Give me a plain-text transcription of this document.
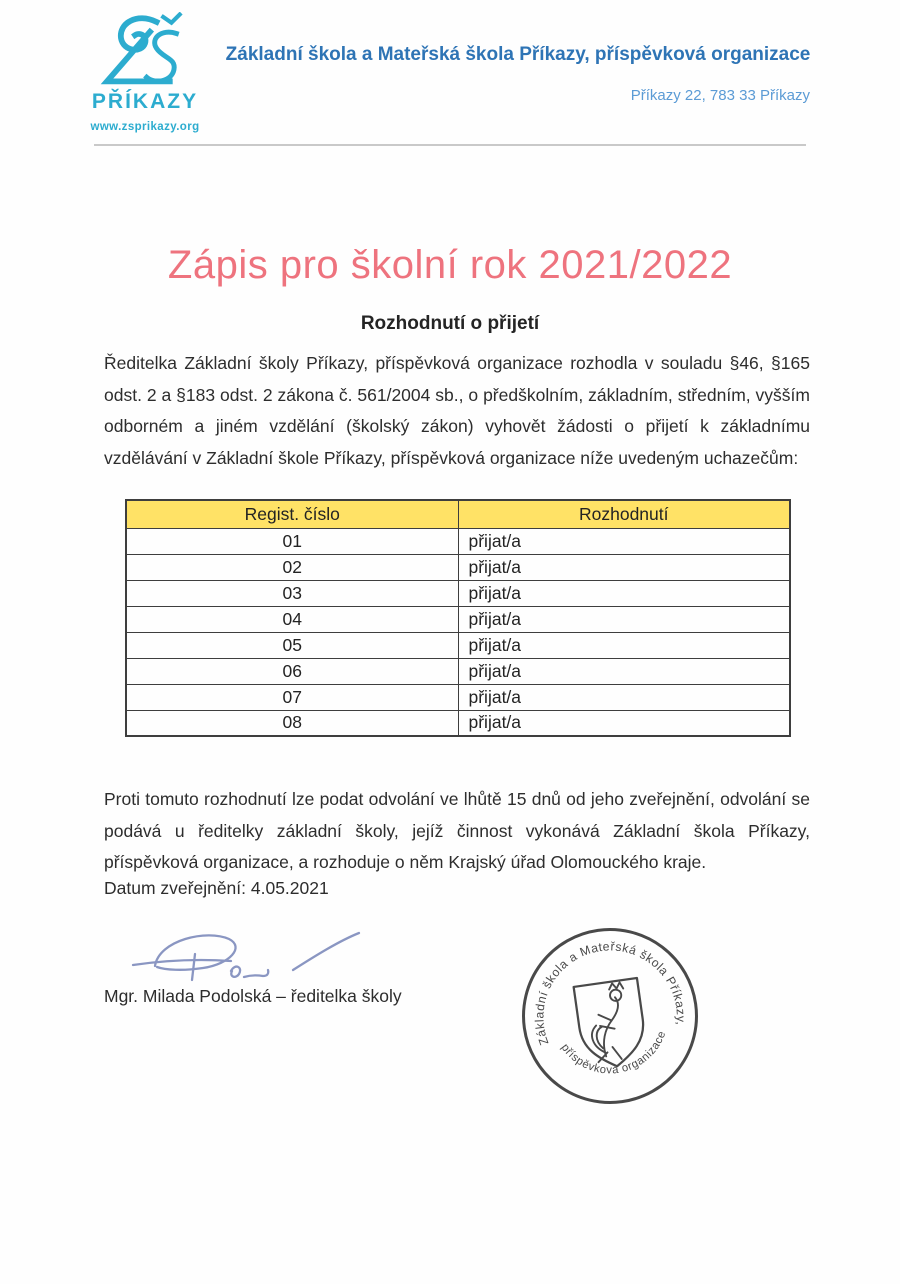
PŘÍKAZY
www.zsprikazy.org
Základní škola a Mateřská škola Příkazy, příspěvková organizace
Příkazy 22, 783 33 Příkazy
Zápis pro školní rok 2021/2022
Rozhodnutí o přijetí

Ředitelka Základní školy Příkazy, příspěvková organizace rozhodla v souladu §46, §165 odst. 2 a §183 odst. 2 zákona č. 561/2004 sb., o předškolním, základním, středním, vyšším odborném a jiném vzdělání (školský zákon) vyhovět žádosti o přijetí k základnímu vzdělávání v Základní škole Příkazy, příspěvková organizace níže uvedeným uchazečům:

Regist. číslo	Rozhodnutí
01	přijat/a
02	přijat/a
03	přijat/a
04	přijat/a
05	přijat/a
06	přijat/a
07	přijat/a
08	přijat/a

Proti tomuto rozhodnutí lze podat odvolání ve lhůtě 15 dnů od jeho zveřejnění, odvolání se podává u ředitelky základní školy, jejíž činnost vykonává Základní škola Příkazy, příspěvková organizace, a rozhoduje o něm Krajský úřad Olomouckého kraje.

Datum zveřejnění: 4.05.2021
Mgr. Milada Podolská – ředitelka školy
Základní škola a Mateřská škola Příkazy,
příspěvková organizace
